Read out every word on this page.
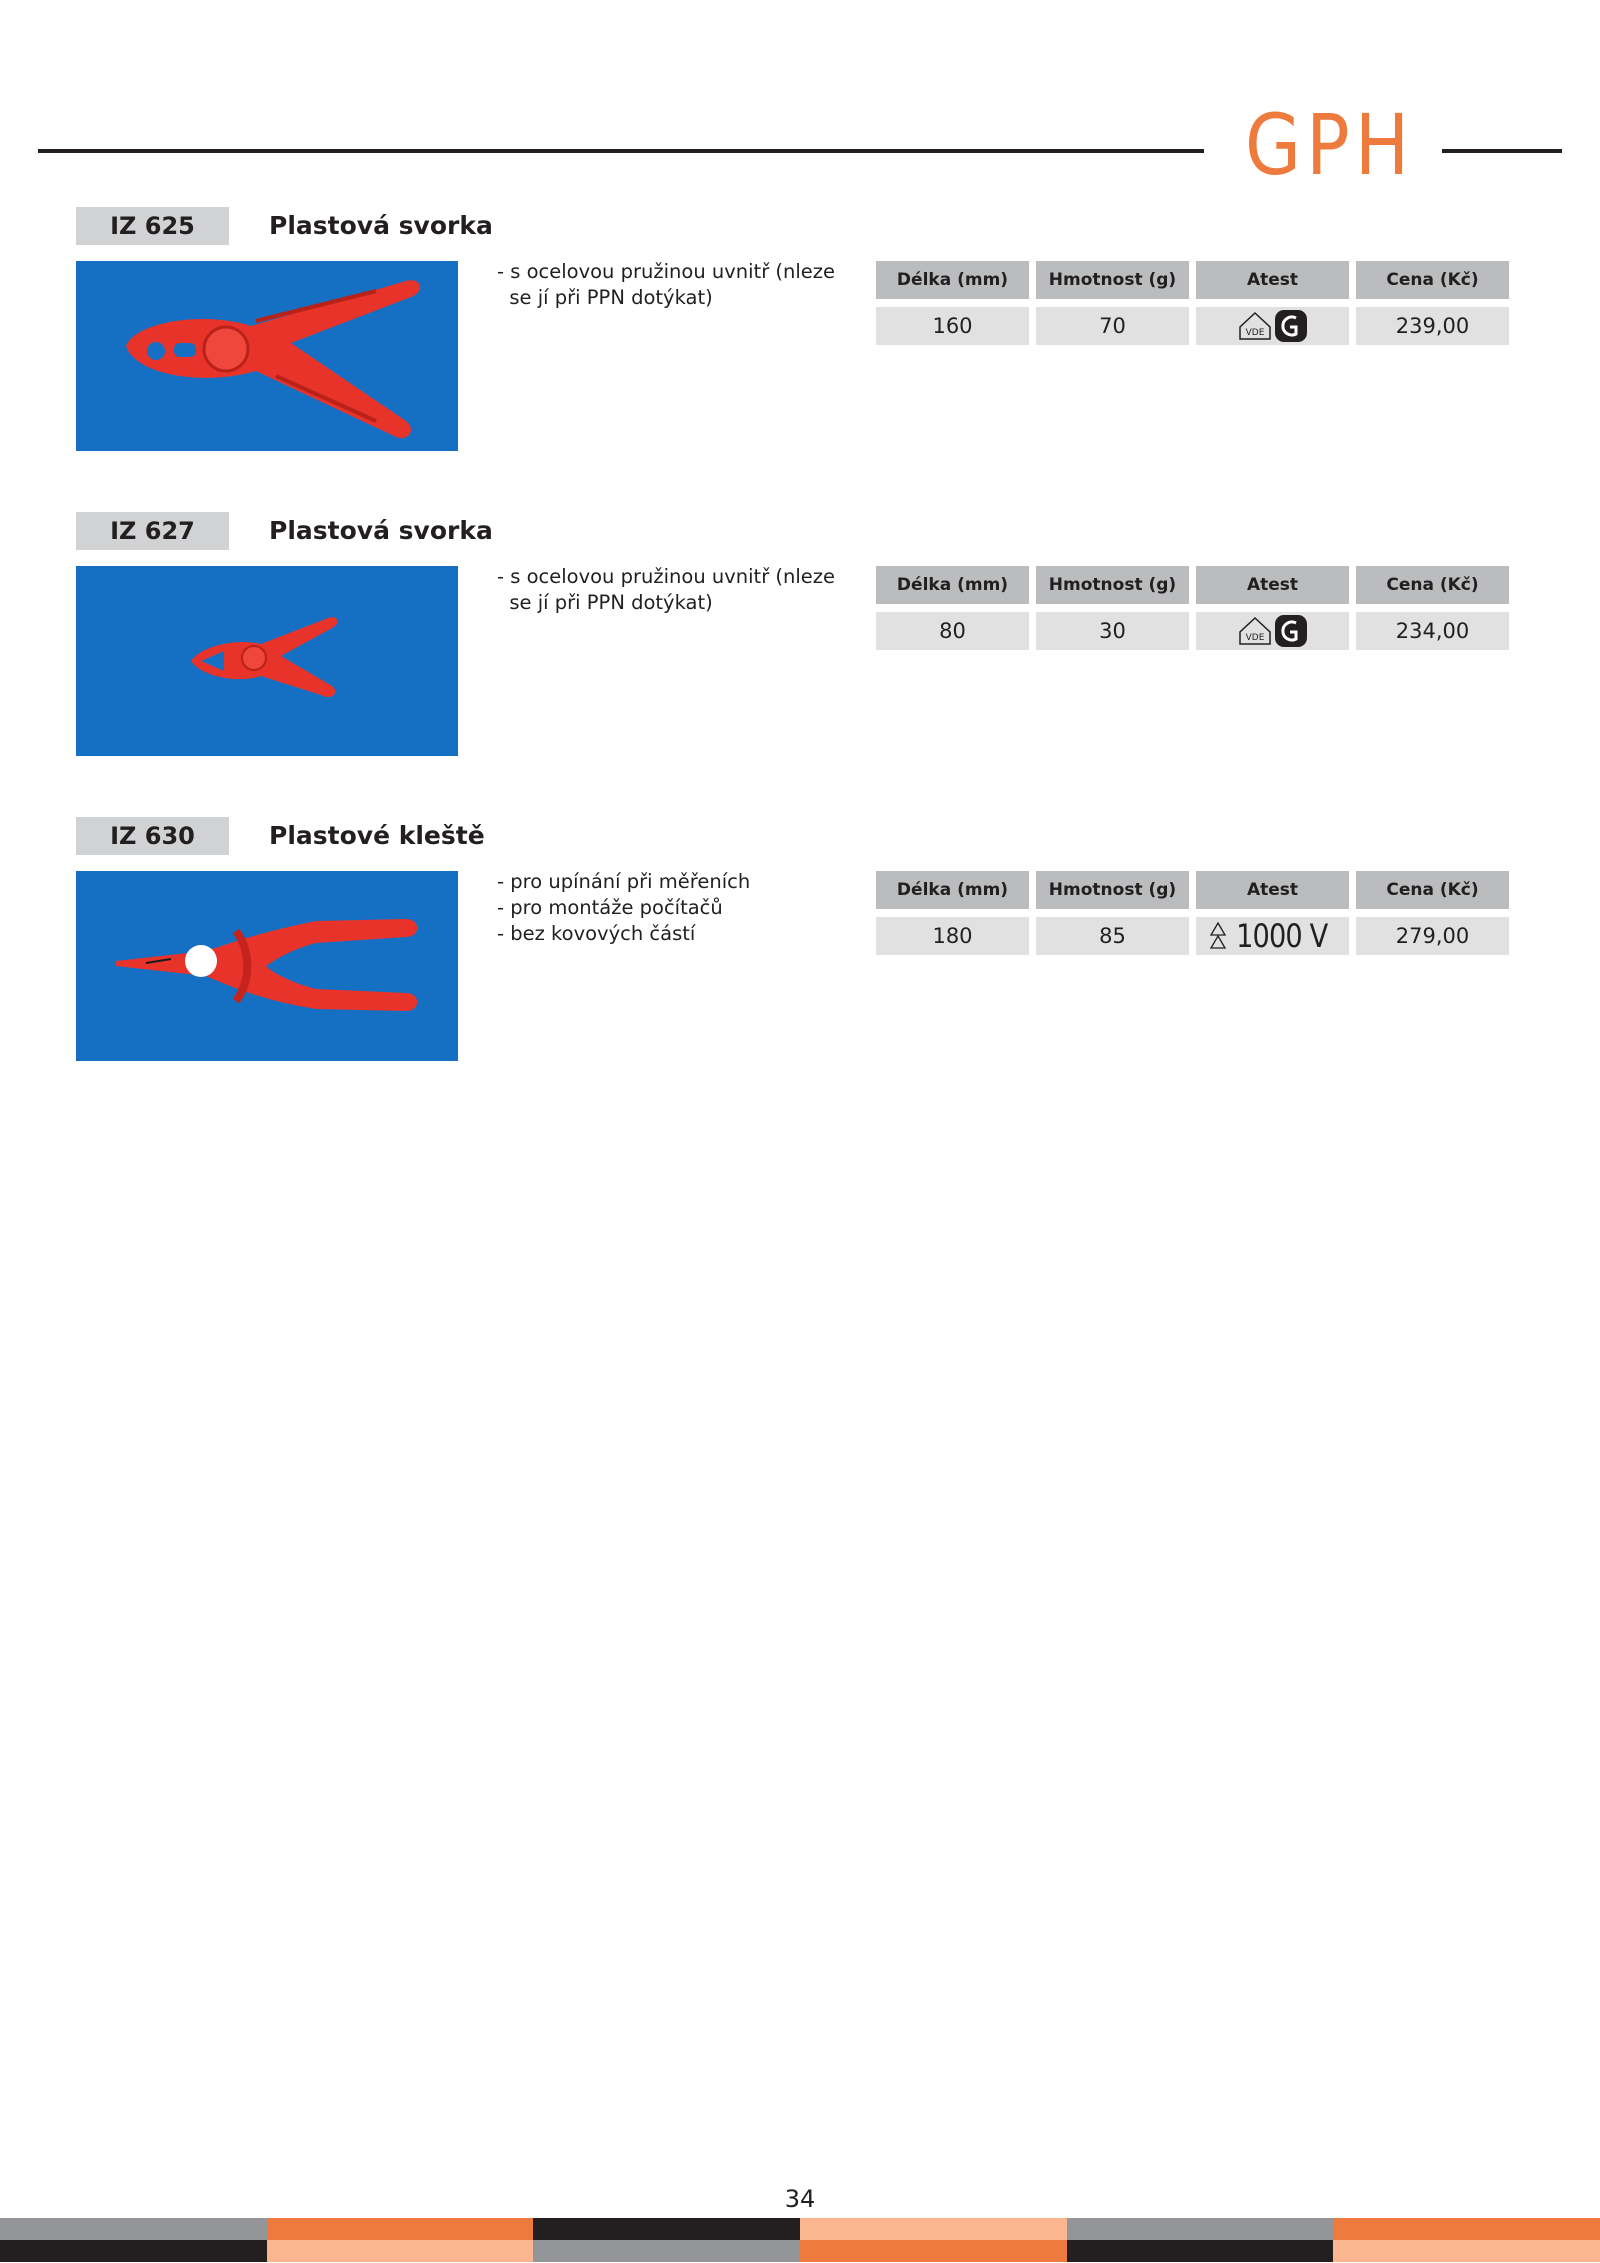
GPH
IZ 625	Plastová svorka
- s ocelovou pružinou uvnitř (nleze
se jí při PPN dotýkat)
Délka (mm)	Hmotnost (g)	Atest	Cena (Kč)
160	70	VDE	239,00
IZ 627	Plastová svorka
- s ocelovou pružinou uvnitř (nleze
se jí při PPN dotýkat)
Délka (mm)	Hmotnost (g)	Atest	Cena (Kč)
80	30	VDE	234,00
IZ 630	Plastové kleště
- pro upínání při měřeních
- pro montáže počítačů
- bez kovových částí
Délka (mm)	Hmotnost (g)	Atest	Cena (Kč)
180	85	1000 V	279,00
34
